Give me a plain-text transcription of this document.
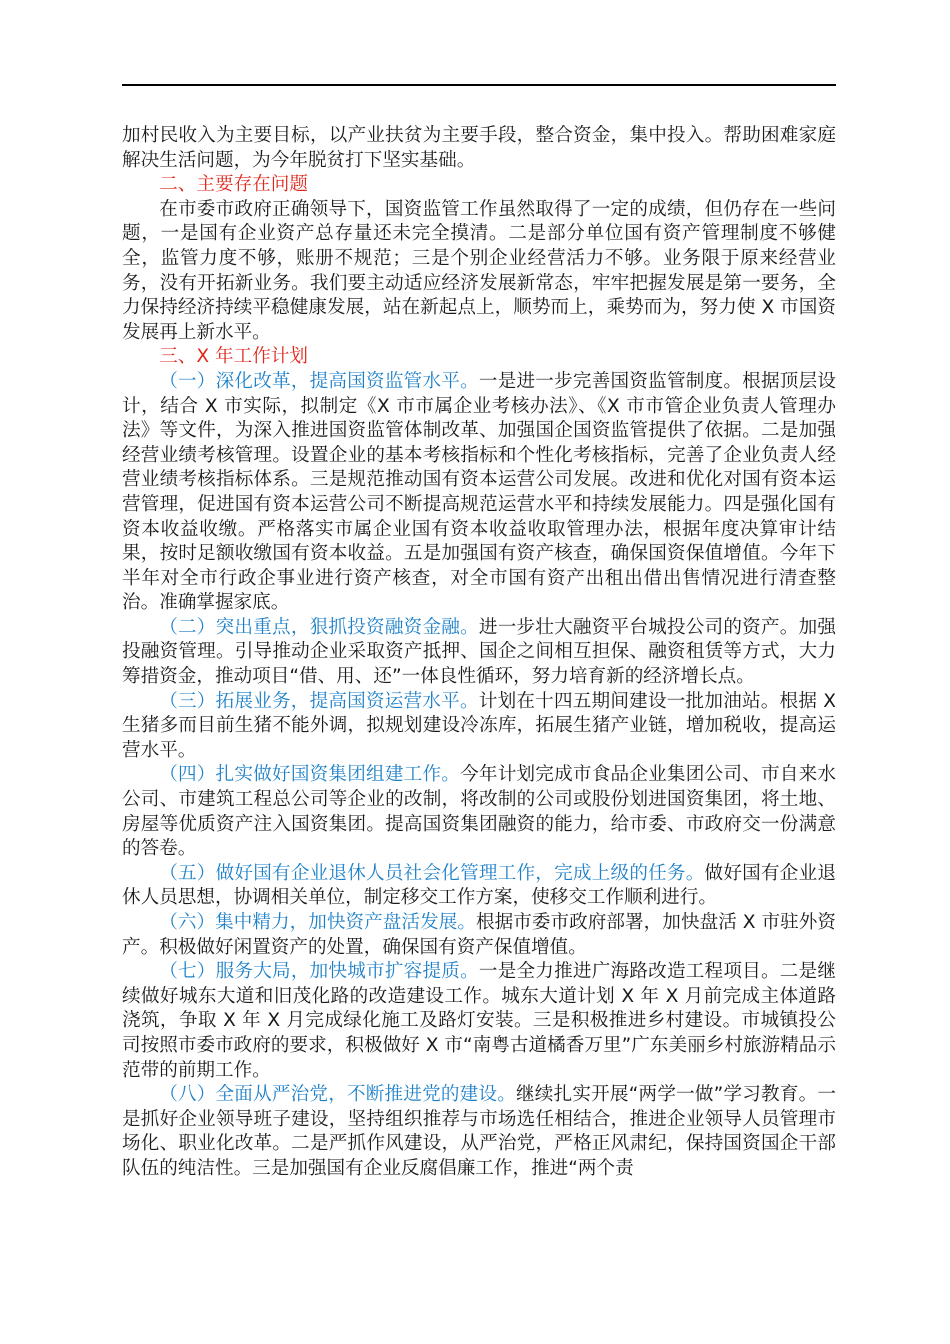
加村民收入为主要目标，以产业扶贫为主要手段，整合资金，集中投入。帮助困难家庭解决生活问题，为今年脱贫打下坚实基础。

二、主要存在问题

在市委市政府正确领导下，国资监管工作虽然取得了一定的成绩，但仍存在一些问题，一是国有企业资产总存量还未完全摸清。二是部分单位国有资产管理制度不够健全，监管力度不够，账册不规范；三是个别企业经营活力不够。业务限于原来经营业务，没有开拓新业务。我们要主动适应经济发展新常态，牢牢把握发展是第一要务，全力保持经济持续平稳健康发展，站在新起点上，顺势而上，乘势而为，努力使 X 市国资发展再上新水平。

三、X 年工作计划

（一）深化改革，提高国资监管水平。一是进一步完善国资监管制度。根据顶层设计，结合 X 市实际，拟制定《X 市市属企业考核办法》、《X 市市管企业负责人管理办法》等文件，为深入推进国资监管体制改革、加强国企国资监管提供了依据。二是加强经营业绩考核管理。设置企业的基本考核指标和个性化考核指标，完善了企业负责人经营业绩考核指标体系。三是规范推动国有资本运营公司发展。改进和优化对国有资本运营管理，促进国有资本运营公司不断提高规范运营水平和持续发展能力。四是强化国有资本收益收缴。严格落实市属企业国有资本收益收取管理办法，根据年度决算审计结果，按时足额收缴国有资本收益。五是加强国有资产核查，确保国资保值增值。今年下半年对全市行政企事业进行资产核查，对全市国有资产出租出借出售情况进行清查整治。准确掌握家底。

（二）突出重点，狠抓投资融资金融。进一步壮大融资平台城投公司的资产。加强投融资管理。引导推动企业采取资产抵押、国企之间相互担保、融资租赁等方式，大力筹措资金，推动项目“借、用、还”一体良性循环，努力培育新的经济增长点。

（三）拓展业务，提高国资运营水平。计划在十四五期间建设一批加油站。根据 X 生猪多而目前生猪不能外调，拟规划建设冷冻库，拓展生猪产业链，增加税收，提高运营水平。

（四）扎实做好国资集团组建工作。今年计划完成市食品企业集团公司、市自来水公司、市建筑工程总公司等企业的改制，将改制的公司或股份划进国资集团，将土地、房屋等优质资产注入国资集团。提高国资集团融资的能力，给市委、市政府交一份满意的答卷。

（五）做好国有企业退休人员社会化管理工作，完成上级的任务。做好国有企业退休人员思想，协调相关单位，制定移交工作方案，使移交工作顺利进行。

（六）集中精力，加快资产盘活发展。根据市委市政府部署，加快盘活 X 市驻外资产。积极做好闲置资产的处置，确保国有资产保值增值。

（七）服务大局，加快城市扩容提质。一是全力推进广海路改造工程项目。二是继续做好城东大道和旧茂化路的改造建设工作。城东大道计划 X 年 X 月前完成主体道路浇筑，争取 X 年 X 月完成绿化施工及路灯安装。三是积极推进乡村建设。市城镇投公司按照市委市政府的要求，积极做好 X 市“南粤古道橘香万里”广东美丽乡村旅游精品示范带的前期工作。

（八）全面从严治党，不断推进党的建设。继续扎实开展“两学一做”学习教育。一是抓好企业领导班子建设，坚持组织推荐与市场选任相结合，推进企业领导人员管理市场化、职业化改革。二是严抓作风建设，从严治党，严格正风肃纪，保持国资国企干部队伍的纯洁性。三是加强国有企业反腐倡廉工作，推进“两个责
